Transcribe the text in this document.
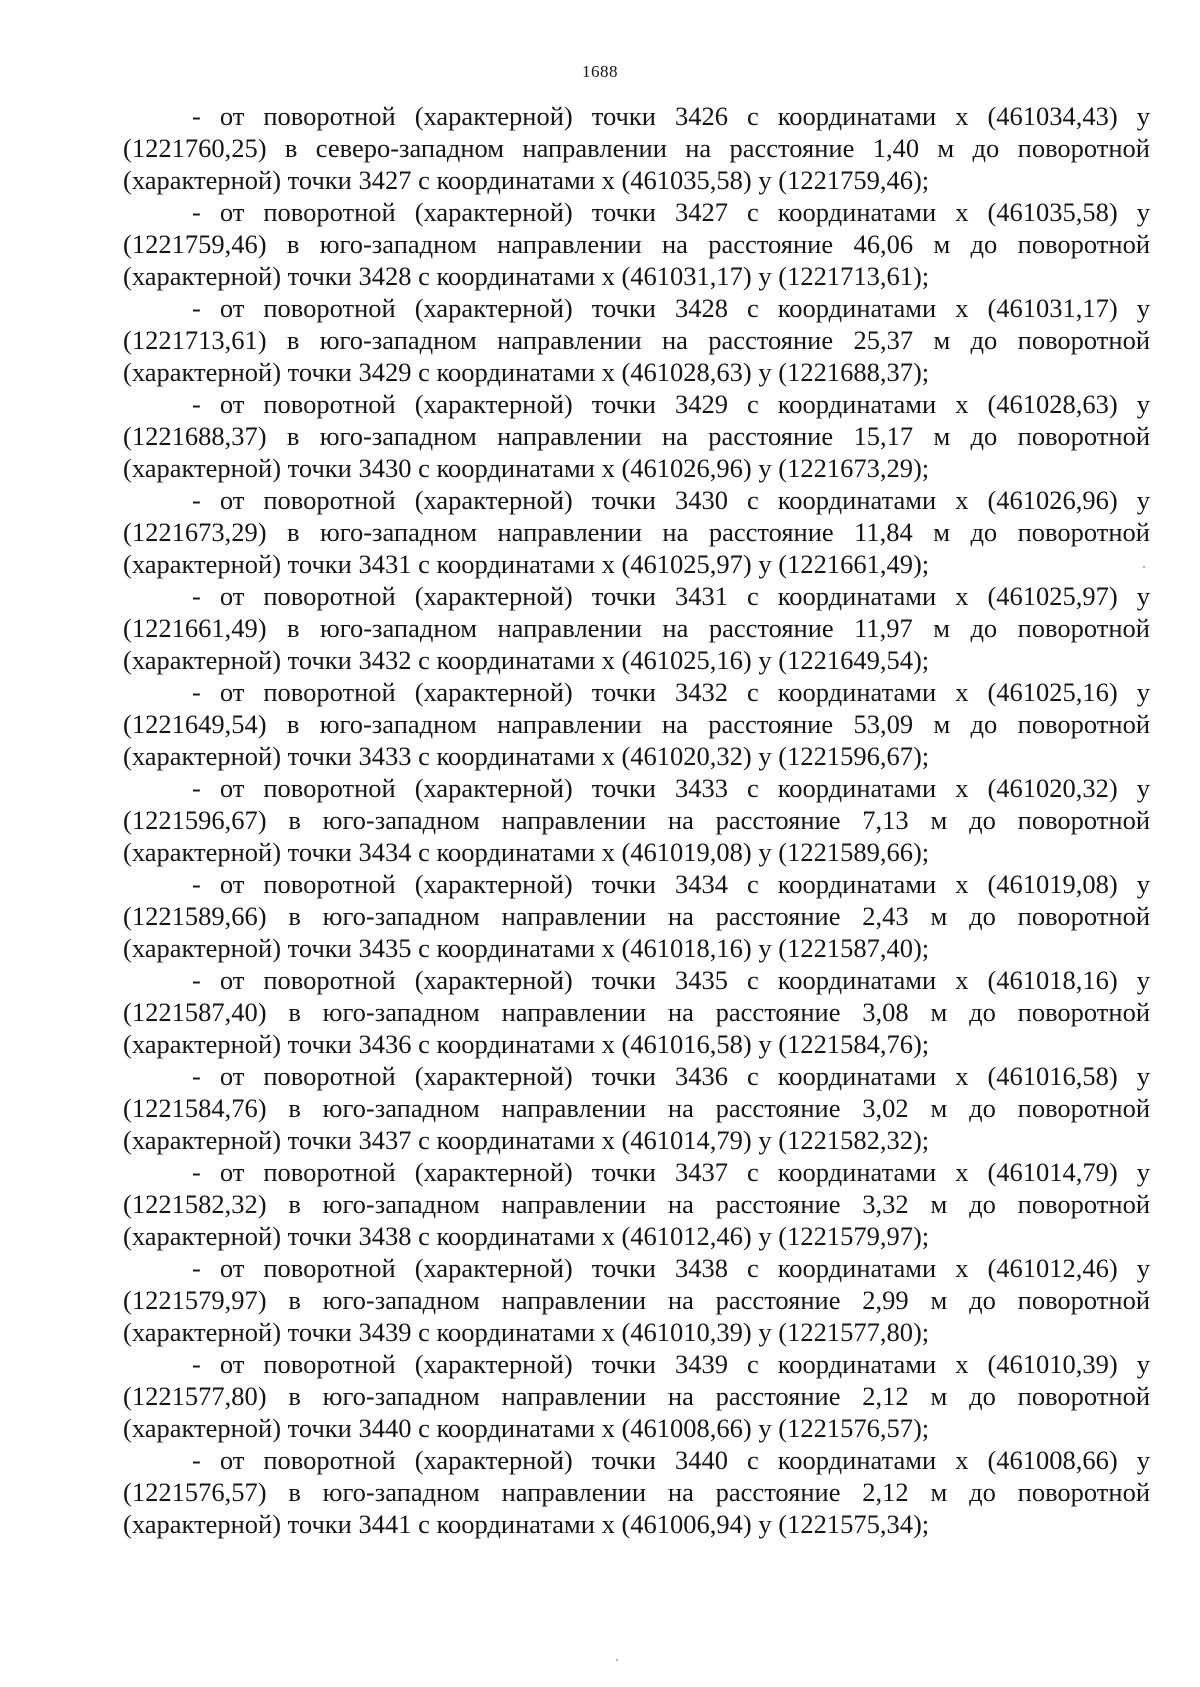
1688

- от поворотной (характерной) точки 3426 с координатами х (461034,43) у (1221760,25) в северо-западном направлении на расстояние 1,40 м до поворотной (характерной) точки 3427 с координатами х (461035,58) у (1221759,46);

- от поворотной (характерной) точки 3427 с координатами х (461035,58) у (1221759,46) в юго-западном направлении на расстояние 46,06 м до поворотной (характерной) точки 3428 с координатами х (461031,17) у (1221713,61);

- от поворотной (характерной) точки 3428 с координатами х (461031,17) у (1221713,61) в юго-западном направлении на расстояние 25,37 м до поворотной (характерной) точки 3429 с координатами х (461028,63) у (1221688,37);

- от поворотной (характерной) точки 3429 с координатами х (461028,63) у (1221688,37) в юго-западном направлении на расстояние 15,17 м до поворотной (характерной) точки 3430 с координатами х (461026,96) у (1221673,29);

- от поворотной (характерной) точки 3430 с координатами х (461026,96) у (1221673,29) в юго-западном направлении на расстояние 11,84 м до поворотной (характерной) точки 3431 с координатами х (461025,97) у (1221661,49);

- от поворотной (характерной) точки 3431 с координатами х (461025,97) у (1221661,49) в юго-западном направлении на расстояние 11,97 м до поворотной (характерной) точки 3432 с координатами х (461025,16) у (1221649,54);

- от поворотной (характерной) точки 3432 с координатами х (461025,16) у (1221649,54) в юго-западном направлении на расстояние 53,09 м до поворотной (характерной) точки 3433 с координатами х (461020,32) у (1221596,67);

- от поворотной (характерной) точки 3433 с координатами х (461020,32) у (1221596,67) в юго-западном направлении на расстояние 7,13 м до поворотной (характерной) точки 3434 с координатами х (461019,08) у (1221589,66);

- от поворотной (характерной) точки 3434 с координатами х (461019,08) у (1221589,66) в юго-западном направлении на расстояние 2,43 м до поворотной (характерной) точки 3435 с координатами х (461018,16) у (1221587,40);

- от поворотной (характерной) точки 3435 с координатами х (461018,16) у (1221587,40) в юго-западном направлении на расстояние 3,08 м до поворотной (характерной) точки 3436 с координатами х (461016,58) у (1221584,76);

- от поворотной (характерной) точки 3436 с координатами х (461016,58) у (1221584,76) в юго-западном направлении на расстояние 3,02 м до поворотной (характерной) точки 3437 с координатами х (461014,79) у (1221582,32);

- от поворотной (характерной) точки 3437 с координатами х (461014,79) у (1221582,32) в юго-западном направлении на расстояние 3,32 м до поворотной (характерной) точки 3438 с координатами х (461012,46) у (1221579,97);

- от поворотной (характерной) точки 3438 с координатами х (461012,46) у (1221579,97) в юго-западном направлении на расстояние 2,99 м до поворотной (характерной) точки 3439 с координатами х (461010,39) у (1221577,80);

- от поворотной (характерной) точки 3439 с координатами х (461010,39) у (1221577,80) в юго-западном направлении на расстояние 2,12 м до поворотной (характерной) точки 3440 с координатами х (461008,66) у (1221576,57);

- от поворотной (характерной) точки 3440 с координатами х (461008,66) у (1221576,57) в юго-западном направлении на расстояние 2,12 м до поворотной (характерной) точки 3441 с координатами х (461006,94) у (1221575,34);
